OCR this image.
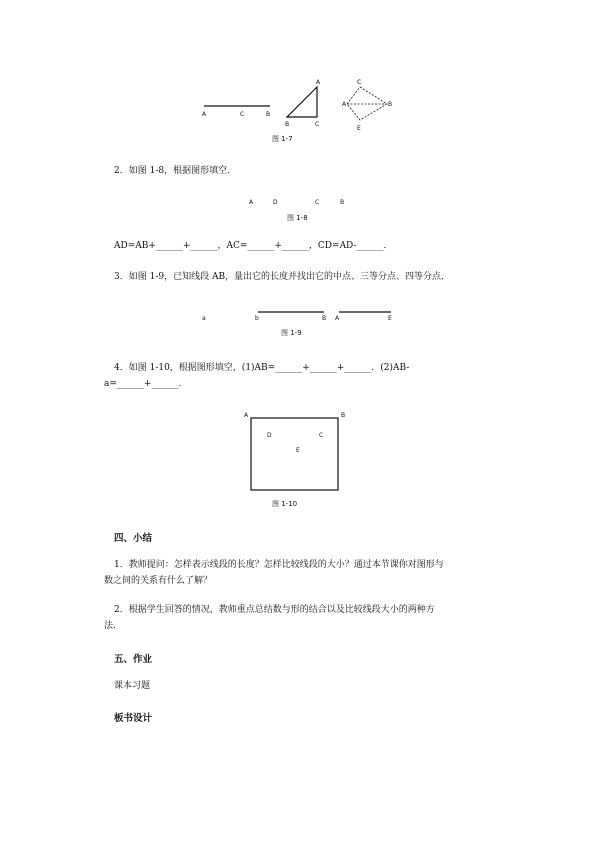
A	C	B
A
B	C
C
A	B
E
图 1-7
2．如图 1-8，根据图形填空．
A	D	C	B
图 1-8
AD=AB+______+______，AC=______+______，CD=AD-______．
3．如图 1-9，已知线段 AB，量出它的长度并找出它的中点、三等分点、四等分点．
a	b	B A	E
图 1-9
4．如图 1-10，根据图形填空，(1)AB=______+______+______．(2)AB-
a=______+______．
A	B
D	C
E
图 1-10
四、小结
1．教师提问：怎样表示线段的长度？怎样比较线段的大小？通过本节课你对图形与
数之间的关系有什么了解？
2．根据学生回答的情况，教师重点总结数与形的结合以及比较线段大小的两种方
法．
五、作业
课本习题
板书设计
